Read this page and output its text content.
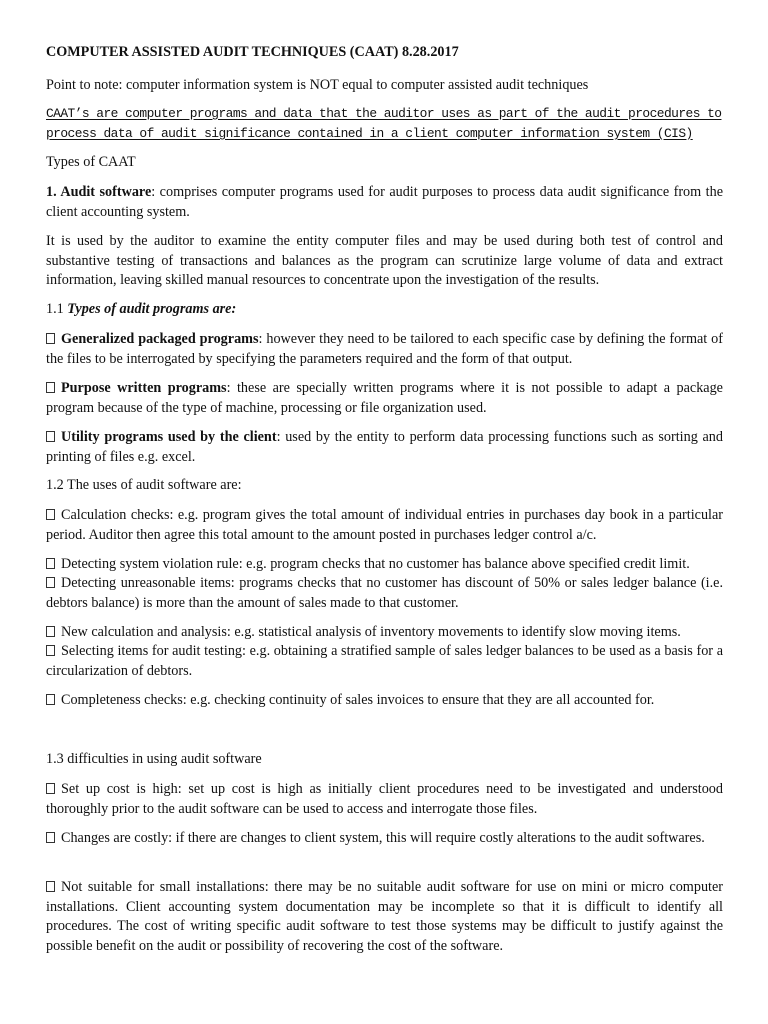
COMPUTER ASSISTED AUDIT TECHNIQUES (CAAT) 8.28.2017

Point to note: computer information system is NOT equal to computer assisted audit techniques

CAAT’s are computer programs and data that the auditor uses as part of the audit procedures to process data of audit significance contained in a client computer information system (CIS)

Types of CAAT

1. Audit software: comprises computer programs used for audit purposes to process data audit significance from the client accounting system.

It is used by the auditor to examine the entity computer files and may be used during both test of control and substantive testing of transactions and balances as the program can scrutinize large volume of data and extract information, leaving skilled manual resources to concentrate upon the investigation of the results.

1.1 Types of audit programs are:

Generalized packaged programs: however they need to be tailored to each specific case by defining the format of the files to be interrogated by specifying the parameters required and the form of that output.

Purpose written programs: these are specially written programs where it is not possible to adapt a package program because of the type of machine, processing or file organization used.

Utility programs used by the client: used by the entity to perform data processing functions such as sorting and printing of files e.g. excel.

1.2 The uses of audit software are:

Calculation checks: e.g. program gives the total amount of individual entries in purchases day book in a particular period. Auditor then agree this total amount to the amount posted in purchases ledger control a/c.

Detecting system violation rule: e.g. program checks that no customer has balance above specified credit limit.

Detecting unreasonable items: programs checks that no customer has discount of 50% or sales ledger balance (i.e. debtors balance) is more than the amount of sales made to that customer.

New calculation and analysis: e.g. statistical analysis of inventory movements to identify slow moving items.

Selecting items for audit testing: e.g. obtaining a stratified sample of sales ledger balances to be used as a basis for a circularization of debtors.

Completeness checks: e.g. checking continuity of sales invoices to ensure that they are all accounted for.

1.3 difficulties in using audit software

Set up cost is high: set up cost is high as initially client procedures need to be investigated and understood thoroughly prior to the audit software can be used to access and interrogate those files.

Changes are costly: if there are changes to client system, this will require costly alterations to the audit softwares.

Not suitable for small installations: there may be no suitable audit software for use on mini or micro computer installations. Client accounting system documentation may be incomplete so that it is difficult to identify all procedures. The cost of writing specific audit software to test those systems may be difficult to justify against the possible benefit on the audit or possibility of recovering the cost of the software.
